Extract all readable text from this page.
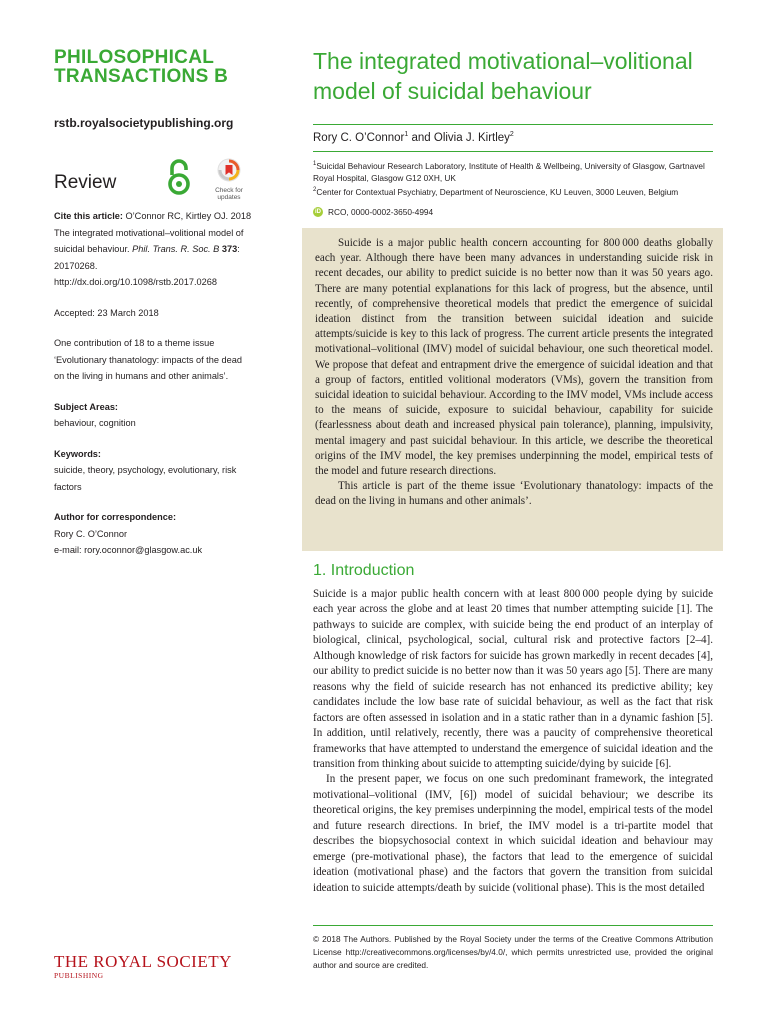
PHILOSOPHICAL
TRANSACTIONS B
rstb.royalsocietypublishing.org
Review	Check for updates
Cite this article: O’Connor RC, Kirtley OJ. 2018 The integrated motivational–volitional model of suicidal behaviour. Phil. Trans. R. Soc. B 373: 20170268.
http://dx.doi.org/10.1098/rstb.2017.0268
Accepted: 23 March 2018
One contribution of 18 to a theme issue ‘Evolutionary thanatology: impacts of the dead on the living in humans and other animals’.
Subject Areas:
behaviour, cognition
Keywords:
suicide, theory, psychology, evolutionary, risk factors
Author for correspondence:
Rory C. O’Connor
e-mail: rory.oconnor@glasgow.ac.uk
THE ROYAL SOCIETY
PUBLISHING
The integrated motivational–volitional
model of suicidal behaviour
Rory C. O’Connor$^1$ and Olivia J. Kirtley$^2$
$^1$Suicidal Behaviour Research Laboratory, Institute of Health & Wellbeing, University of Glasgow, Gartnavel Royal Hospital, Glasgow G12 0XH, UK
$^2$Center for Contextual Psychiatry, Department of Neuroscience, KU Leuven, 3000 Leuven, Belgium
iD RCO, 0000-0002-3650-4994

Suicide is a major public health concern accounting for 800 000 deaths globally each year. Although there have been many advances in understanding suicide risk in recent decades, our ability to predict suicide is no better now than it was 50 years ago. There are many potential explanations for this lack of progress, but the absence, until recently, of comprehensive theoretical models that predict the emergence of suicidal ideation distinct from the transition between suicidal ideation and suicide attempts/suicide is key to this lack of progress. The current article presents the integrated motivational–volitional (IMV) model of suicidal behaviour, one such theoretical model. We propose that defeat and entrapment drive the emergence of suicidal ideation and that a group of factors, entitled volitional moderators (VMs), govern the transition from suicidal ideation to suicidal behaviour. According to the IMV model, VMs include access to the means of suicide, exposure to suicidal behaviour, capability for suicide (fearlessness about death and increased physical pain tolerance), planning, impulsivity, mental imagery and past suicidal behaviour. In this article, we describe the theoretical origins of the IMV model, the key premises underpinning the model, empirical tests of the model and future research directions.

This article is part of the theme issue ‘Evolutionary thanatology: impacts of the dead on the living in humans and other animals’.

1. Introduction

Suicide is a major public health concern with at least 800 000 people dying by suicide each year across the globe and at least 20 times that number attempting suicide [1]. The pathways to suicide are complex, with suicide being the end product of an interplay of biological, clinical, psychological, social, cultural risk and protective factors [2–4]. Although knowledge of risk factors for suicide has grown markedly in recent decades [4], our ability to predict suicide is no better now than it was 50 years ago [5]. There are many reasons why the field of suicide research has not enhanced its predictive ability; key candidates include the low base rate of suicidal behaviour, as well as the fact that risk factors are often assessed in isolation and in a static rather than in a dynamic fashion [5]. In addition, until relatively, recently, there was a paucity of comprehensive theoretical frameworks that have attempted to understand the emergence of suicidal ideation and the transition from thinking about suicide to attempting suicide/dying by suicide [6].

In the present paper, we focus on one such predominant framework, the integrated motivational–volitional (IMV, [6]) model of suicidal behaviour; we describe its theoretical origins, the key premises underpinning the model, empirical tests of the model and future research directions. In brief, the IMV model is a tri-partite model that describes the biopsychosocial context in which suicidal ideation and behaviour may emerge (pre-motivational phase), the factors that lead to the emergence of suicidal ideation (motivational phase) and the factors that govern the transition from suicidal ideation to suicide attempts/death by suicide (volitional phase). This is the most detailed

© 2018 The Authors. Published by the Royal Society under the terms of the Creative Commons Attribution License http://creativecommons.org/licenses/by/4.0/, which permits unrestricted use, provided the original author and source are credited.
